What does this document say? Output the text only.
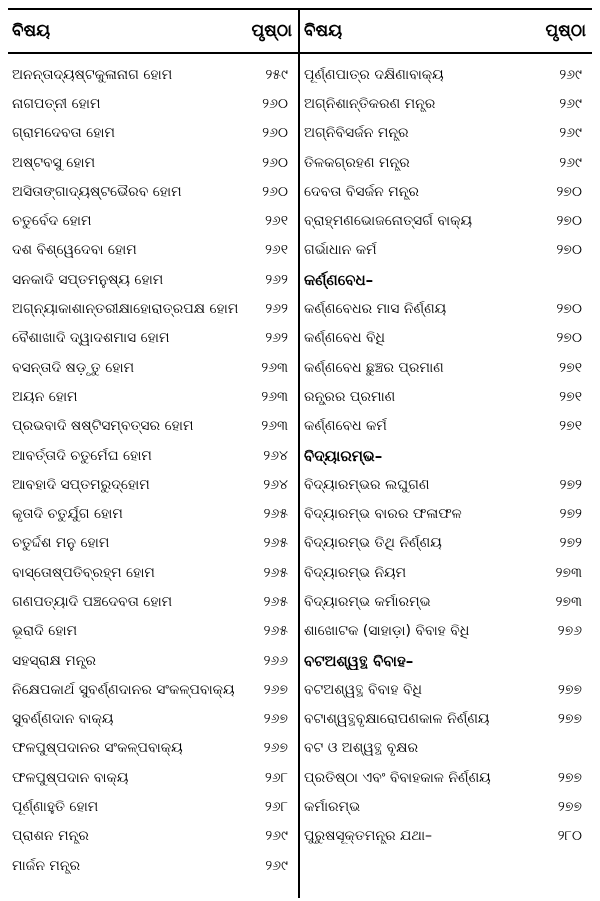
ବିଷୟ	ପୃଷ୍ଠା
ଅନନ୍ତାଦ୍ୟଷ୍ଟକୁଳାନାଗ ହୋମ	୨୫୯
ନାଗପତ୍ନୀ ହୋମ	୨୬୦
ଗ୍ରାମଦେବତା ହୋମ	୨୬୦
ଅଷ୍ଟବସୁ ହୋମ	୨୬୦
ଅସିତାଙ୍ଗାଦ୍ୟଷ୍ଟଭୈରବ ହୋମ	୨୬୦
ଚତୁର୍ବେଦ ହୋମ	୨୬୧
ଦଶ ବିଶ୍ୱେଦେବା ହୋମ	୨୬୧
ସନକାଦି ସପ୍ତମନୁଷ୍ୟ ହୋମ	୨୬୨
ଅଗ୍ନ୍ୟାକାଶାନ୍ତରୀକ୍ଷାହୋରାତ୍ରପକ୍ଷ ହୋମ ୨୬୨
ବୈଶାଖାଦି ଦ୍ୱାଦଶମାସ ହୋମ	୨୬୨
ବସନ୍ତାଦି ଷଡ଼ୃତୁ ହୋମ	୨୬୩
ଅୟନ ହୋମ	୨୬୩
ପ୍ରଭବାଦି ଷଷ୍ଟିସମ୍ବତ୍ସର ହୋମ	୨୬୩
ଆବର୍ତ୍ତାଦି ଚତୁର୍ମେଘ ହୋମ	୨୬୪
ଆବହାଦି ସପ୍ତମରୁଦ୍‌ହୋମ	୨୬୪
କୃତାଦି ଚତୁର୍ଯୁଗ ହୋମ	୨୬୫
ଚତୁର୍ଦ୍ଦଶ ମନୁ ହୋମ	୨୬୫
ବାସ୍ତୋଷ୍ପତିବ୍ରହ୍ମ ହୋମ	୨୬୫
ଗଣପତ୍ୟାଦି ପଞ୍ଚଦେବତା ହୋମ	୨୬୫
ଭୂରାଦି ହୋମ	୨୬୫
ସହସ୍ରାକ୍ଷ ମନ୍ତ୍ର	୨୬୬
ନିକ୍ଷେପକାର୍ଥ ସୁବର୍ଣ୍ଣଦାନର ସଂକଳ୍ପବାକ୍ୟ ୨୬୭
ସୁବର୍ଣ୍ଣଦାନ ବାକ୍ୟ	୨୬୭
ଫଳପୁଷ୍ପଦାନର ସଂକଳ୍ପବାକ୍ୟ	୨୬୭
ଫଳପୁଷ୍ପଦାନ ବାକ୍ୟ	୨୬୮
ପୂର୍ଣ୍ଣାହୁତି ହୋମ	୨୬୮
ପ୍ରାଶନ ମନ୍ତ୍ର	୨୬୯
ମାର୍ଜନ ମନ୍ତ୍ର	୨୬୯
ବିଷୟ	ପୃଷ୍ଠା
ପୂର୍ଣ୍ଣପାତ୍ର ଦକ୍ଷିଣାବାକ୍ୟ	୨୬୯
ଅଗ୍ନିଶାନ୍ତିକରଣ ମନ୍ତ୍ର	୨୬୯
ଅଗ୍ନିବିସର୍ଜନ ମନ୍ତ୍ର	୨୬୯
ତିଳକଗ୍ରହଣ ମନ୍ତ୍ର	୨୬୯
ଦେବତା ବିସର୍ଜନ ମନ୍ତ୍ର	୨୭୦
ବ୍ରାହ୍ମଣଭୋଜନୋତ୍ସର୍ଗ ବାକ୍ୟ	୨୭୦
ଗର୍ଭାଧାନ କର୍ମ	୨୭୦
କର୍ଣ୍ଣବେଧ–
କର୍ଣ୍ଣବେଧର ମାସ ନିର୍ଣ୍ଣୟ	୨୭୦
କର୍ଣ୍ଣବେଧ ବିଧି	୨୭୦
କର୍ଣ୍ଣବେଧ ଛୁଞ୍ଚର ପ୍ରମାଣ	୨୭୧
ରନ୍ଧ୍ରର ପ୍ରମାଣ	୨୭୧
କର୍ଣ୍ଣବେଧ କର୍ମ	୨୭୧
ବିଦ୍ୟାରମ୍ଭ–
ବିଦ୍ୟାରମ୍ଭର ଲଘୁଗଣ	୨୭୨
ବିଦ୍ୟାରମ୍ଭ ବାରର ଫଳାଫଳ	୨୭୨
ବିଦ୍ୟାରମ୍ଭ ତିଥି ନିର୍ଣ୍ଣୟ	୨୭୨
ବିଦ୍ୟାରମ୍ଭ ନିୟମ	୨୭୩
ବିଦ୍ୟାରମ୍ଭ କର୍ମାରମ୍ଭ	୨୭୩
ଶାଖୋଟକ (ସାହାଡ଼ା) ବିବାହ ବିଧି	୨୭୬
ବଟଅଶ୍ୱତ୍ଥ ବିବାହ–
ବଟଅଶ୍ୱତ୍ଥ ବିବାହ ବିଧି	୨୭୭
ବଟାଶ୍ୱତ୍ଥବୃକ୍ଷାରୋପଣକାଳ ନିର୍ଣ୍ଣୟ	୨୭୭
ବଟ ଓ ଅଶ୍ୱତ୍ଥ ବୃକ୍ଷର
ପ୍ରତିଷ୍ଠା ଏବଂ ବିବାହକାଳ ନିର୍ଣ୍ଣୟ	୨୭୭
କର୍ମାରମ୍ଭ	୨୭୭
ପୁରୁଷସୂକ୍ତମନ୍ତ୍ର ଯଥା–	୨୮୦
